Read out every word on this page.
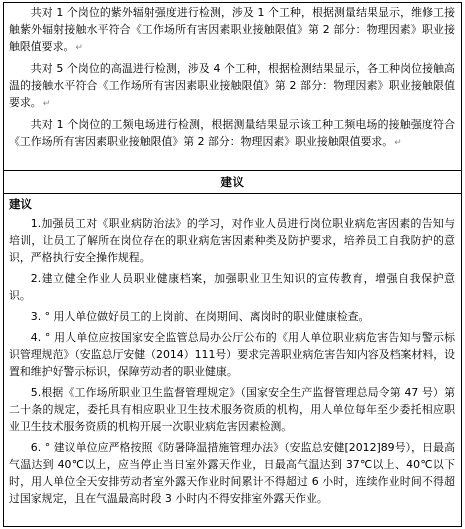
共对 1 个岗位的紫外辐射强度进行检测，涉及 1 个工种，根据测量结果显示，维修工接触紫外辐射接触水平符合《工作场所有害因素职业接触限值》第 2 部分：物理因素》职业接触限值要求。↵

共对 5 个岗位的高温进行检测，涉及 4 个工种，根据检测结果显示，各工种岗位接触高温的接触水平符合《工作场所有害因素职业接触限值》第 2 部分：物理因素》职业接触限值要求。↵

共对 1 个岗位的工频电场进行检测，根据测量结果显示该工种工频电场的接触强度符合《工作场所有害因素职业接触限值》第 2 部分：物理因素》职业接触限值要求。↵

建议
建议

1.加强员工对《职业病防治法》的学习，对作业人员进行岗位职业病危害因素的告知与培训，让员工了解所在岗位存在的职业病危害因素种类及防护要求，培养员工自我防护的意识，严格执行安全操作规程。

2.建立健全作业人员职业健康档案，加强职业卫生知识的宣传教育，增强自我保护意识。

3. ° 用人单位做好员工的上岗前、在岗期间、离岗时的职业健康检查。

4. ° 用人单位应按国家安全监管总局办公厅公布的《用人单位职业病危害告知与警示标识管理规范》（安监总厅安健（2014）111号）要求完善职业病危害告知内容及档案材料，设置和维护好警示标识，保障劳动者的职业健康。

5.根据《工作场所职业卫生监督管理规定》（国家安全生产监督管理总局令第 47 号）第二十条的规定，委托具有相应职业卫生技术服务资质的机构，用人单位每年至少委托相应职业卫生技术服务资质的机构开展一次职业病危害因素检测。

6. ° 建议单位应严格按照《防暑降温措施管理办法》（安监总安健[2012]89号），日最高气温达到 40℃以上，应当停止当日室外露天作业，日最高气温达到 37℃以上、40℃以下时，用人单位全天安排劳动者室外露天作业时间累计不得超过 6 小时，连续作业时间不得超过国家规定，且在气温最高时段 3 小时内不得安排室外露天作业。
